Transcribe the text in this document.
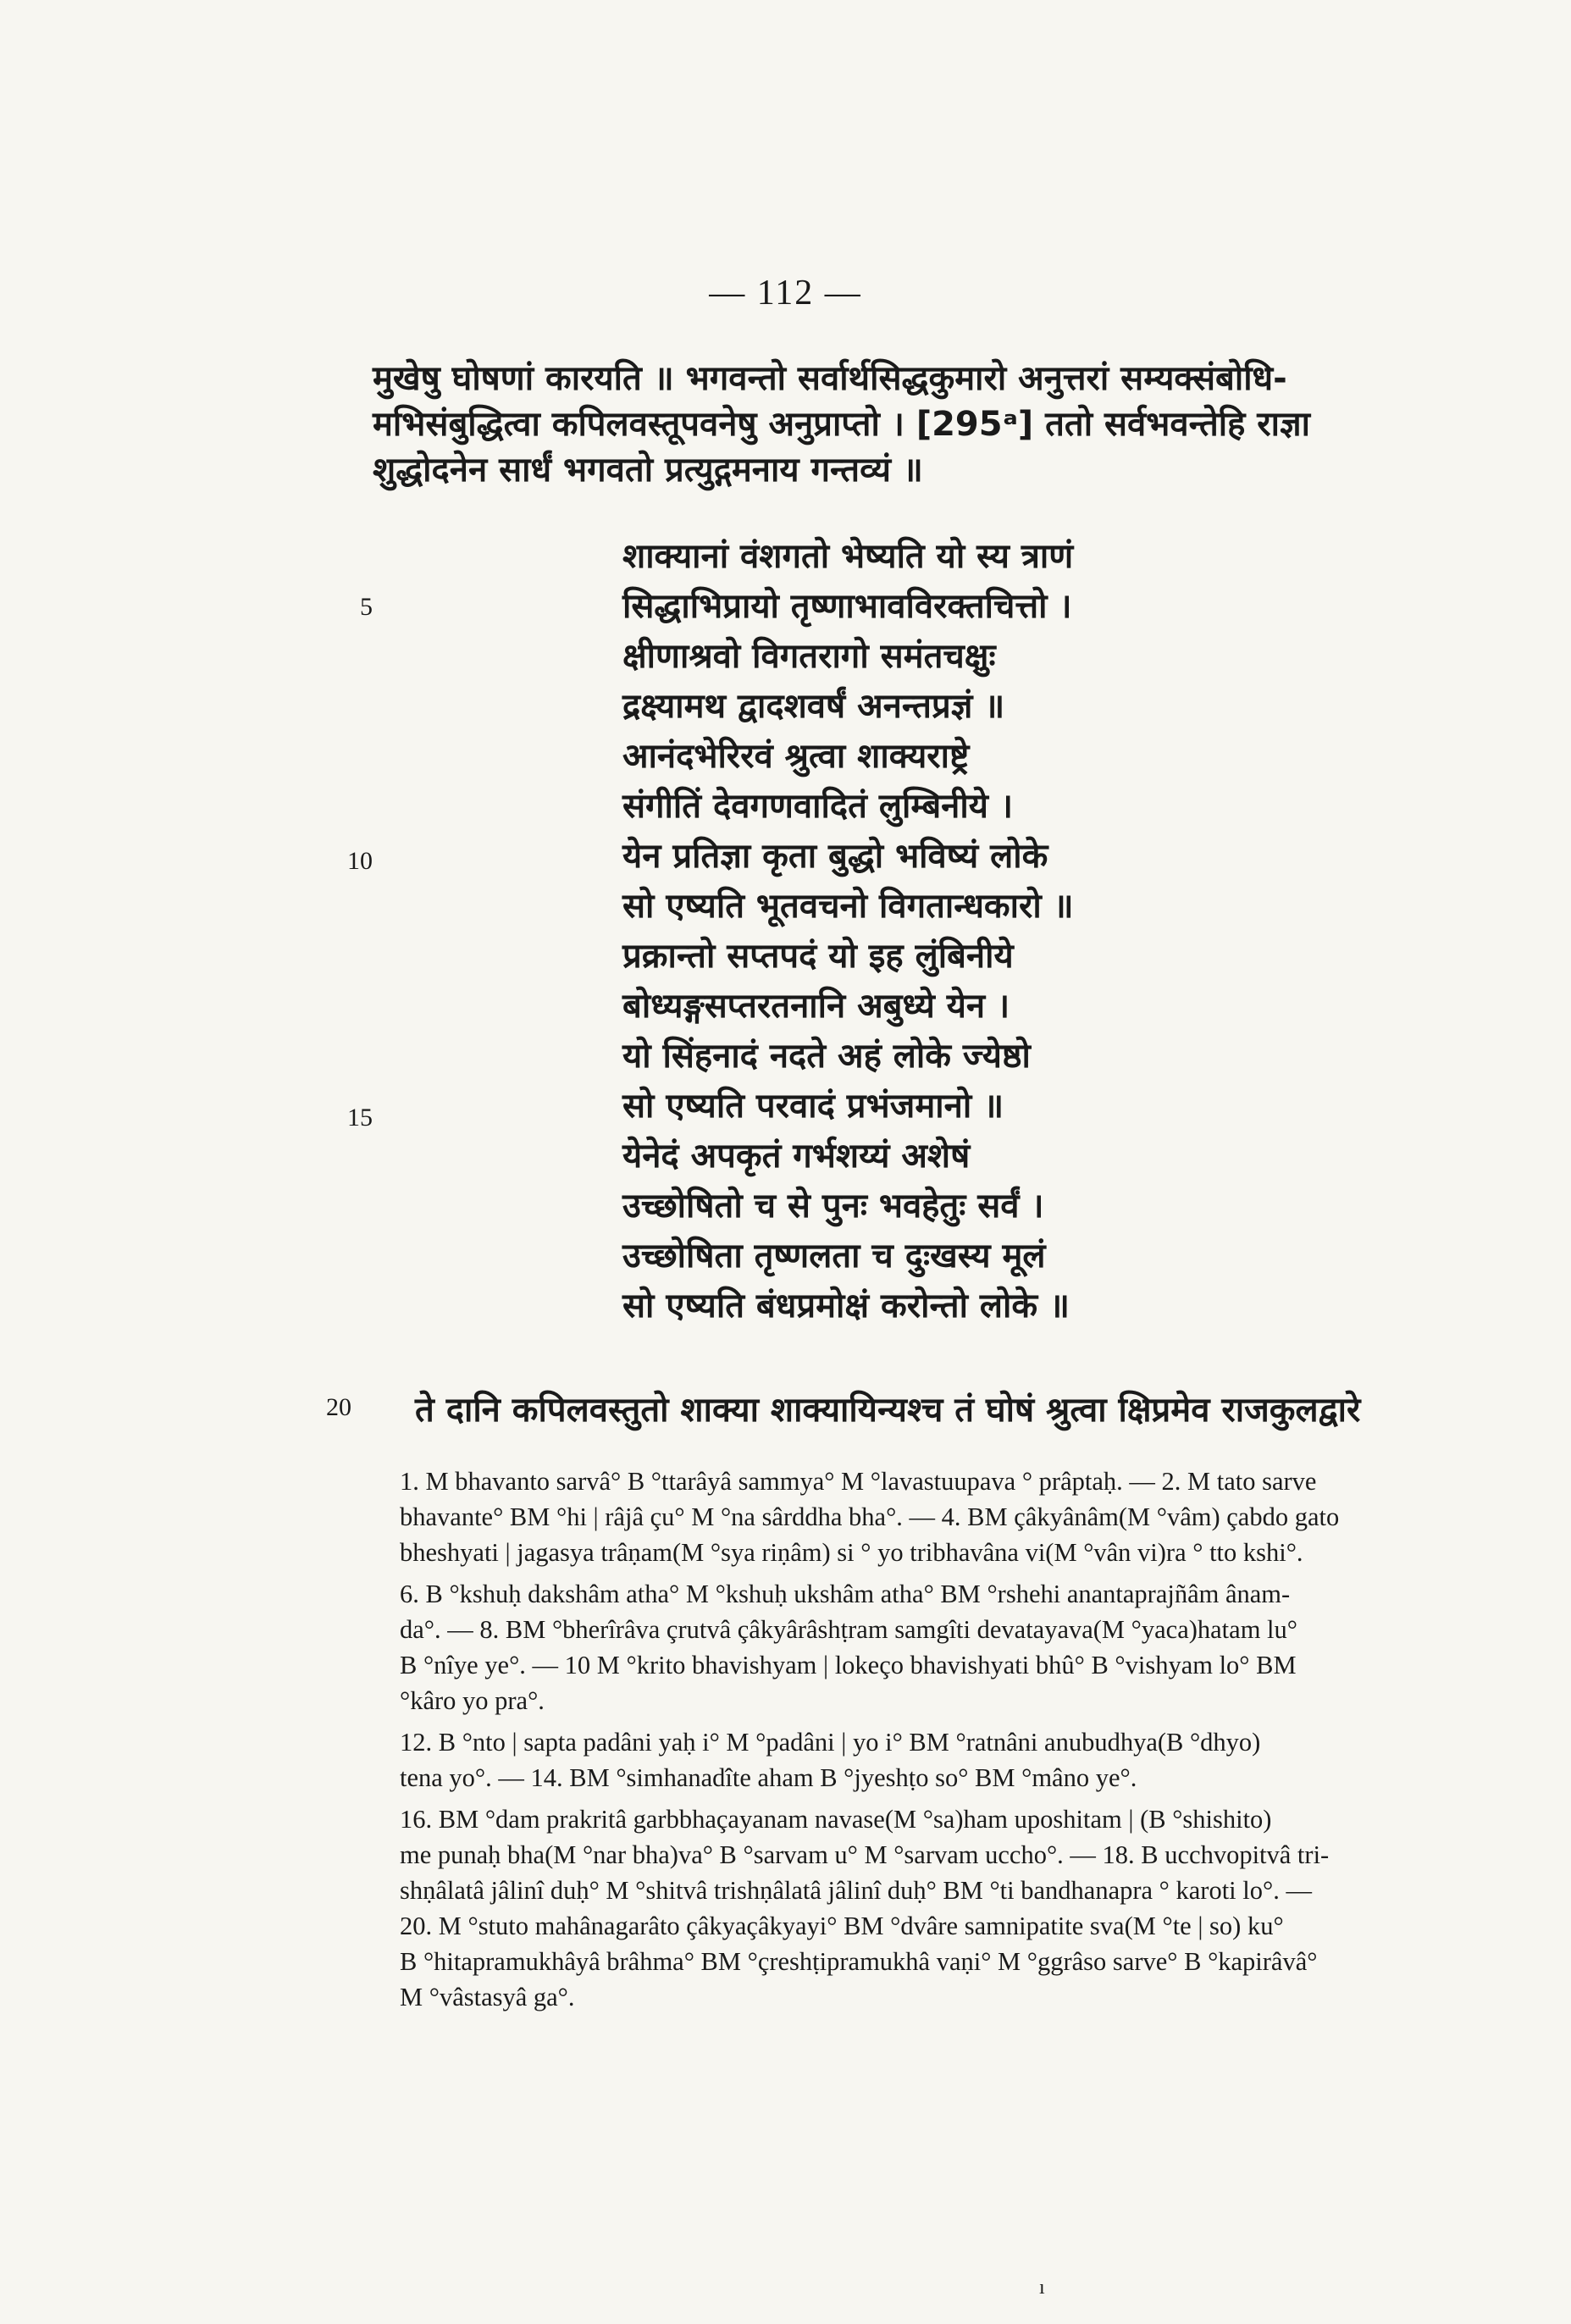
— 112 —
मुखेषु घोषणां कारयति ॥ भगवन्तो सर्वार्थसिद्धकुमारो अनुत्तरां सम्यक्संबोधि-
मभिसंबुद्धित्वा कपिलवस्तूपवनेषु अनुप्राप्तो । [295ᵃ] ततो सर्वभवन्तेहि राज्ञा
शुद्धोदनेन सार्धं भगवतो प्रत्युद्गमनाय गन्तव्यं ॥
शाक्यानां वंशगतो भेष्यति यो स्य त्राणं
सिद्धाभिप्रायो तृष्णाभावविरक्तचित्तो ।
क्षीणाश्रवो विगतरागो समंतचक्षुः
द्रक्ष्यामथ द्वादशवर्षं अनन्तप्रज्ञं ॥
आनंदभेरिरवं श्रुत्वा शाक्यराष्ट्रे
संगीतिं देवगणवादितं लुम्बिनीये ।
येन प्रतिज्ञा कृता बुद्धो भविष्यं लोके
सो एष्यति भूतवचनो विगतान्धकारो ॥
प्रक्रान्तो सप्तपदं यो इह लुंबिनीये
बोध्यङ्गसप्तरतनानि अबुध्ये येन ।
यो सिंहनादं नदते अहं लोके ज्येष्ठो
सो एष्यति परवादं प्रभंजमानो ॥
येनेदं अपकृतं गर्भशय्यं अशेषं
उच्छोषितो च से पुनः भवहेतुः सर्वं ।
उच्छोषिता तृष्णलता च दुःखस्य मूलं
सो एष्यति बंधप्रमोक्षं करोन्तो लोके ॥
5
10
15
20 ते दानि कपिलवस्तुतो शाक्या शाक्यायिन्यश्च तं घोषं श्रुत्वा क्षिप्रमेव राजकुलद्वारे

1. M bhavanto sarvâ° B °ttarâyâ sammya° M °lavastuupava ° prâptaḥ. — 2. M tato sarve
bhavante° BM °hi | râjâ çu° M °na sârddha bha°. — 4. BM çâkyânâm(M °vâm) çabdo gato
bheshyati | jagasya trâṇam(M °sya riṇâm) si ° yo tribhavâna vi(M °vân vi)ra ° tto kshi°.

6. B °kshuḥ dakshâm atha° M °kshuḥ ukshâm atha° BM °rshehi anantaprajñâm ânam-
da°. — 8. BM °bherîrâva çrutvâ çâkyârâshṭram samgîti devatayava(M °yaca)hatam lu°
B °nîye ye°. — 10 M °krito bhavishyam | lokeço bhavishyati bhû° B °vishyam lo° BM
°kâro yo pra°.

12. B °nto | sapta padâni yaḥ i° M °padâni | yo i° BM °ratnâni anubudhya(B °dhyo)
tena yo°. — 14. BM °simhanadîte aham B °jyeshṭo so° BM °mâno ye°.

16. BM °dam prakritâ garbbhaçayanam navase(M °sa)ham uposhitam | (B °shishito)
me punaḥ bha(M °nar bha)va° B °sarvam u° M °sarvam uccho°. — 18. B ucchvopitvâ tri-
shṇâlatâ jâlinî duḥ° M °shitvâ trishṇâlatâ jâlinî duḥ° BM °ti bandhanapra ° karoti lo°. —
20. M °stuto mahânagarâto çâkyaçâkyayi° BM °dvâre samnipatite sva(M °te | so) ku°
B °hitapramukhâyâ brâhma° BM °çreshṭipramukhâ vaṇi° M °ggrâso sarve° B °kapirâvâ°
M °vâstasyâ ga°.

ı
